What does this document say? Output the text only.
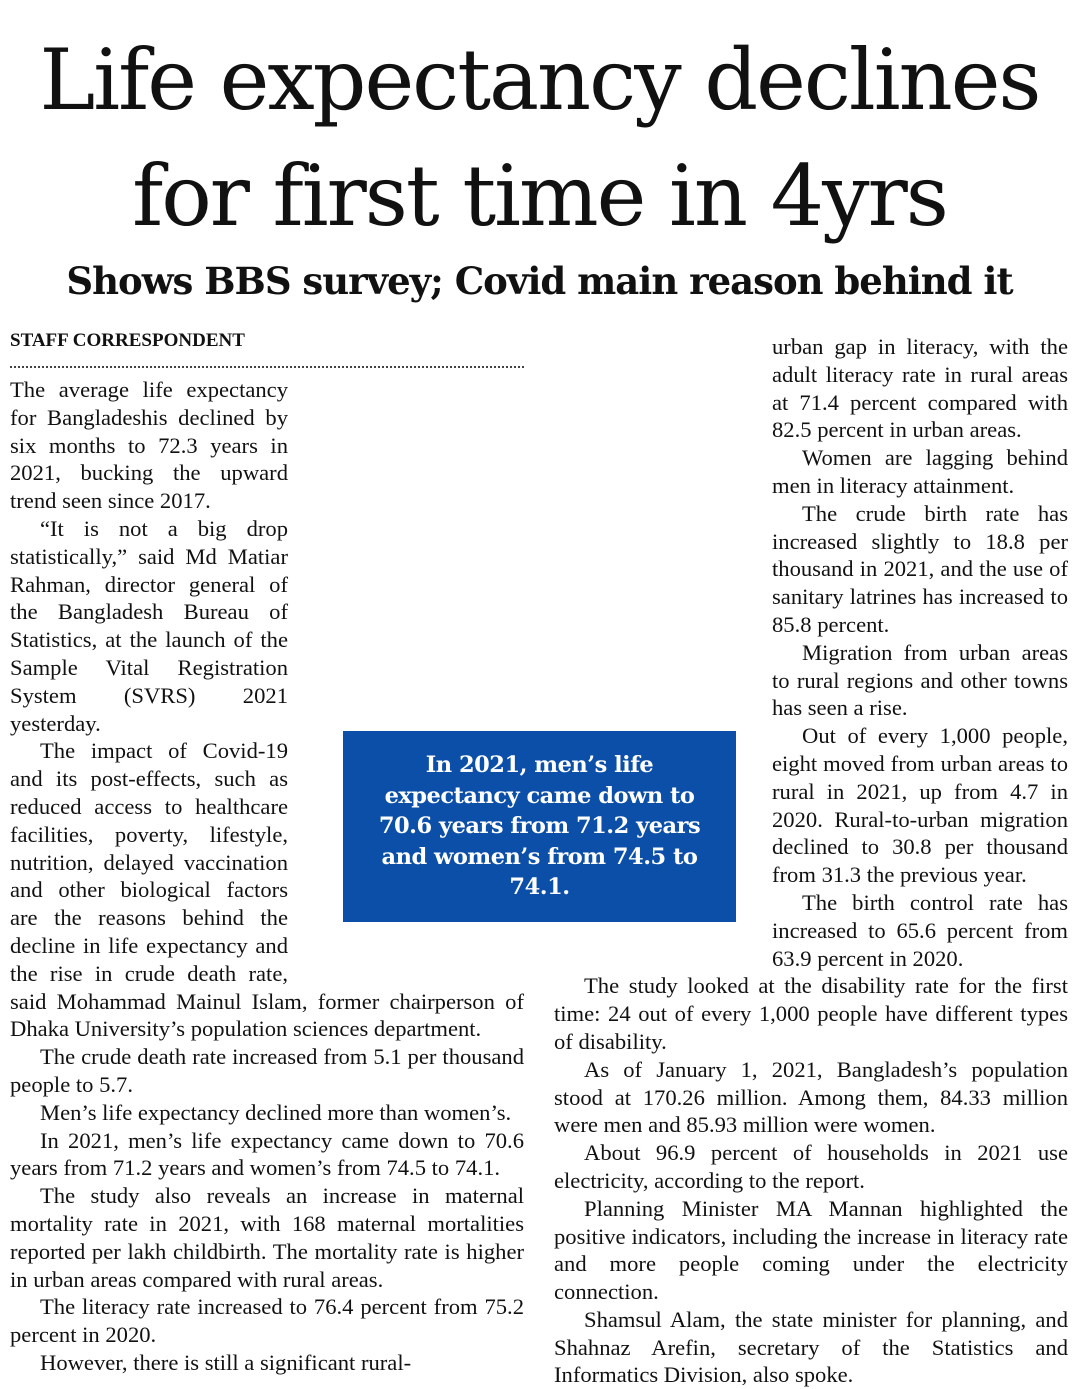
Life expectancy declines
for first time in 4yrs
Shows BBS survey; Covid main reason behind it
STAFF CORRESPONDENT

The average life expectancy for Bangladeshis declined by six months to 72.3 years in 2021, bucking the upward trend seen since 2017.

“It is not a big drop statistically,” said Md Matiar Rahman, director general of the Bangladesh Bureau of Statistics, at the launch of the Sample Vital Registration System (SVRS) 2021 yesterday.

The impact of Covid-19 and its post-effects, such as reduced access to healthcare facilities, poverty, lifestyle, nutrition, delayed vaccination and other biological factors are the reasons behind the decline in life expectancy and the rise in crude death rate, said Mohammad Mainul Islam, former chairperson of Dhaka University’s population sciences department.

The crude death rate increased from 5.1 per thousand people to 5.7.

Men’s life expectancy declined more than women’s.

In 2021, men’s life expectancy came down to 70.6 years from 71.2 years and women’s from 74.5 to 74.1.

The study also reveals an increase in maternal mortality rate in 2021, with 168 maternal mortalities reported per lakh childbirth. The mortality rate is higher in urban areas compared with rural areas.

The literacy rate increased to 76.4 percent from 75.2 percent in 2020.

However, there is still a significant rural-

urban gap in literacy, with the adult literacy rate in rural areas at 71.4 percent compared with 82.5 percent in urban areas.

Women are lagging behind men in literacy attainment.

The crude birth rate has increased slightly to 18.8 per thousand in 2021, and the use of sanitary latrines has increased to 85.8 percent.

Migration from urban areas to rural regions and other towns has seen a rise.

Out of every 1,000 people, eight moved from urban areas to rural in 2021, up from 4.7 in 2020. Rural-to-urban migration declined to 30.8 per thousand from 31.3 the previous year.

The birth control rate has increased to 65.6 percent from 63.9 percent in 2020.

The study looked at the disability rate for the first time: 24 out of every 1,000 people have different types of disability.

As of January 1, 2021, Bangladesh’s population stood at 170.26 million. Among them, 84.33 million were men and 85.93 million were women.

About 96.9 percent of households in 2021 use electricity, according to the report.

Planning Minister MA Mannan highlighted the positive indicators, including the increase in literacy rate and more people coming under the electricity connection.

Shamsul Alam, the state minister for planning, and Shahnaz Arefin, secretary of the Statistics and Informatics Division, also spoke.

In 2021, men’s life expectancy came down to 70.6 years from 71.2 years and women’s from 74.5 to 74.1.
